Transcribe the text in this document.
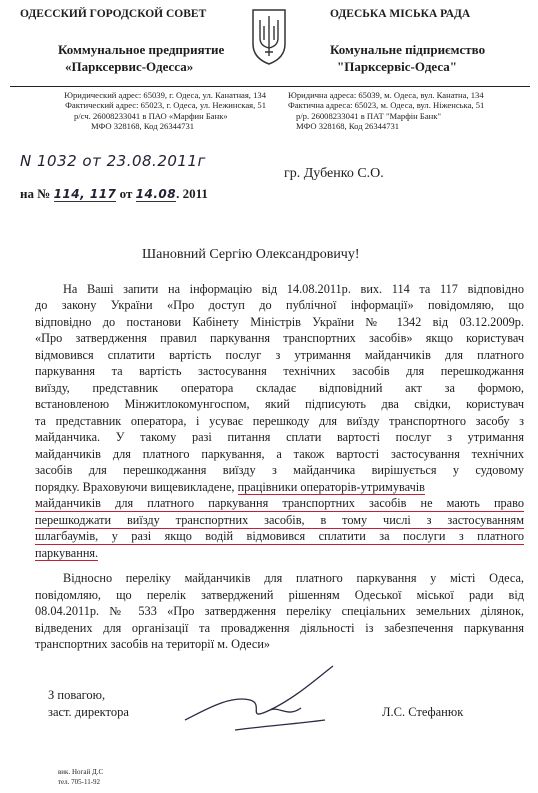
ОДЕССКИЙ ГОРОДСКОЙ СОВЕТ
Коммунальное предприятие
«Парксервис-Одесса»
ОДЕСЬКА МІСЬКА РАДА
Комунальне підприємство
"Парксервіс-Одеса"
Юридический адрес: 65039, г. Одеса, ул. Канатная, 134
Фактический адрес: 65023, г. Одеса, ул. Нежинская, 51
р/сч. 26008233041 в ПАО «Марфин Банк»
МФО 328168, Код 26344731
Юридична адреса: 65039, м. Одеса, вул. Канатна, 134
Фактична адреса: 65023, м. Одеса, вул. Ніженська, 51
р/р. 26008233041 в ПАТ "Марфін Банк"
МФО 328168, Код 26344731
N 1032 от 23.08.2011г
на № 114, 117 от 14.08. 2011
гр. Дубенко С.О.
Шановний Сергію Олександровичу!
На Ваші запити на інформацію від 14.08.2011р. вих. 114 та 117 відповідно
до закону України «Про доступ до публічної інформації» повідомляю, що
відповідно до постанови Кабінету Міністрів України № 1342 від 03.12.2009р.
«Про затвердження правил паркування транспортних засобів» якщо користувач
відмовився сплатити вартість послуг з утримання майданчиків для платного
паркування та вартість застосування технічних засобів для перешкоджання
виїзду, представник оператора складає відповідний акт за формою,
встановленою Мінжитлокомунгоспом, який підписують два свідки, користувач
та представник оператора, і усуває перешкоду для виїзду транспортного засобу з
майданчика. У такому разі питання сплати вартості послуг з утримання
майданчиків для платного паркування, а також вартості застосування технічних
засобів для перешкоджання виїзду з майданчика вирішується у судовому
порядку. Враховуючи вищевикладене, працівники операторів-утримувачів
майданчиків для платного паркування транспортних засобів не мають право
перешкоджати виїзду транспортних засобів, в тому числі з застосуванням
шлагбаумів, у разі якщо водій відмовився сплатити за послуги з платного
паркування.
Відносно переліку майданчиків для платного паркування у місті Одеса,
повідомляю, що перелік затверджений рішенням Одеської міської ради від
08.04.2011р. № 533 «Про затвердження переліку спеціальних земельних ділянок,
відведених для організації та провадження діяльності із забезпечення паркування
транспортних засобів на території м. Одеси»
З повагою,
заст. директора	Л.С. Стефанюк
вик. Ногай Д.С
тел. 705-11-92
